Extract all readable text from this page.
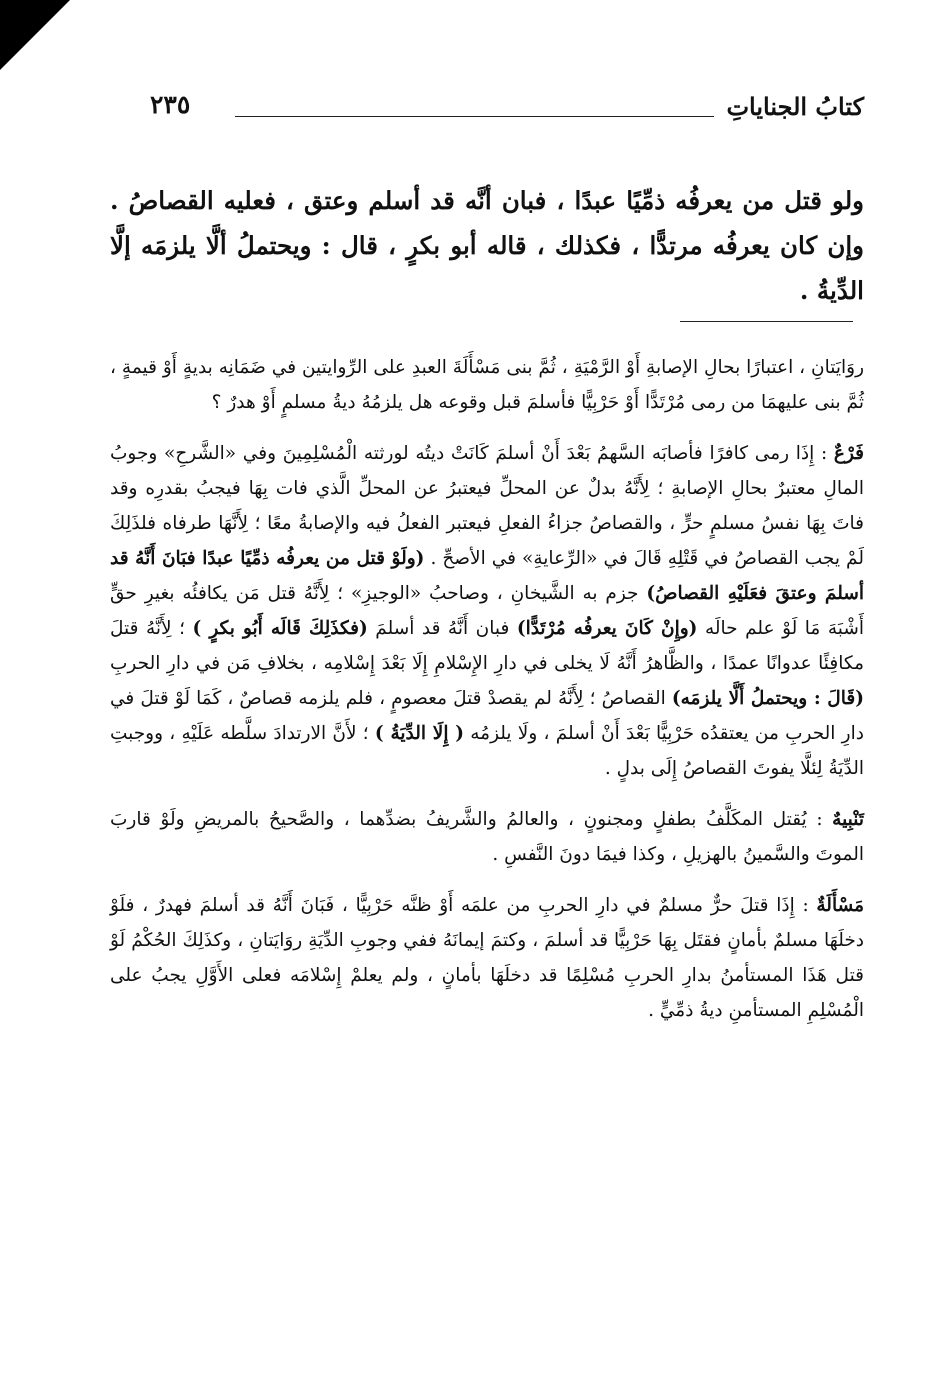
كتابُ الجناياتِ
٢٣٥
ولو قتل من يعرفُه ذمِّيًا عبدًا ، فبان أنَّه قد أسلم وعتق ، فعليه القصاصُ . وإن كان يعرفُه مرتدًّا ، فكذلك ، قاله أبو بكرٍ ، قال : ويحتملُ ألَّا يلزمَه إلَّا الدِّيةُ .

روَايَتانِ ، اعتبارًا بحالِ الإصابةِ أَوْ الرَّمْيَةِ ، ثُمَّ بنى مَسْأَلَةَ العبدِ على الرِّوايتين في ضَمَانِه بديةٍ أَوْ قيمةٍ ، ثُمَّ بنى عليهمَا من رمى مُرْتَدًّا أَوْ حَرْبِيًّا فأسلمَ قبل وقوعه هل يلزمُهُ ديةُ مسلمٍ أَوْ هدرٌ ؟

فَرْعٌ : إِذَا رمى كافرًا فأصابَه السَّهمُ بَعْدَ أَنْ أسلمَ كَانَتْ ديتُه لورثته الْمُسْلِمِينَ وفي «الشَّرحِ» وجوبُ المالِ معتبرٌ بحالِ الإصابةِ ؛ لِأَنَّهُ بدلٌ عن المحلِّ فيعتبرُ عن المحلِّ الَّذي فات بِهَا فيجبُ بقدرِه وقد فاتَ بِهَا نفسُ مسلمٍ حرٍّ ، والقصاصُ جزاءُ الفعلِ فيعتبر الفعلُ فيه والإصابةُ معًا ؛ لِأَنَّهَا طرفاه فلذَلِكَ لَمْ يجب القصاصُ في قَتْلِهِ قَالَ في «الرِّعايةِ» في الأصحِّ . (ولَوْ قتل من يعرفُه ذمِّيًا عبدًا فبَانَ أَنَّهُ قد أسلمَ وعتقَ فعَلَيْهِ القصاصُ) جزم به الشَّيخانِ ، وصاحبُ «الوجيزِ» ؛ لِأَنَّهُ قتل مَن يكافئُه بغيرِ حقٍّ أَشْبَهَ مَا لَوْ علم حالَه (وإِنْ كَانَ يعرفُه مُرْتَدًّا) فبان أَنَّهُ قد أسلمَ (فكذَلِكَ قَالَه أَبُو بكرٍ ) ؛ لِأَنَّهُ قتلَ مكافِئًا عدوانًا عمدًا ، والظَّاهرُ أَنَّهُ لَا يخلى في دارِ الإِسْلامِ إِلَا بَعْدَ إِسْلامِه ، بخلافِ مَن في دارِ الحربِ (قَالَ : ويحتملُ أَلَّا يلزمَه) القصاصُ ؛ لِأَنَّهُ لم يقصدْ قتلَ معصومٍ ، فلم يلزمه قصاصٌ ، كَمَا لَوْ قتلَ في دارِ الحربِ من يعتقدُه حَرْبِيًّا بَعْدَ أَنْ أسلمَ ، ولَا يلزمُه ( إِلَا الدِّيَةُ ) ؛ لأَنَّ الارتدادَ سلَّطه عَلَيْهِ ، ووجبتِ الدِّيَةُ لِئلَّا يفوتَ القصاصُ إِلَى بدلٍ .

تَنْبِيهٌ : يُقتل المكَلَّفُ بطفلٍ ومجنونٍ ، والعالمُ والشَّريفُ بضدِّهما ، والصَّحيحُ بالمريضِ ولَوْ قاربَ الموتَ والسَّمينُ بالهزيلِ ، وكذا فيمَا دونَ النَّفسِ .

مَسْأَلَةٌ : إِذَا قتلَ حرٌّ مسلمٌ في دارِ الحربِ من علمَه أَوْ ظنَّه حَرْبِيًّا ، فَبَانَ أَنَّهُ قد أسلمَ فهدرٌ ، فلَوْ دخلَهَا مسلمٌ بأمانٍ فقتَل بِهَا حَرْبِيًّا قد أسلمَ ، وكتمَ إيمانَهُ ففي وجوبِ الدِّيَةِ روَايَتانِ ، وكذَلِكَ الحُكْمُ لَوْ قتل هَذَا المستأمنُ بدارِ الحربِ مُسْلِمًا قد دخلَهَا بأمانٍ ، ولم يعلمْ إِسْلامَه فعلى الأَوَّلِ يجبُ على الْمُسْلِمِ المستأمنِ ديةُ ذمِّيٍّ .
